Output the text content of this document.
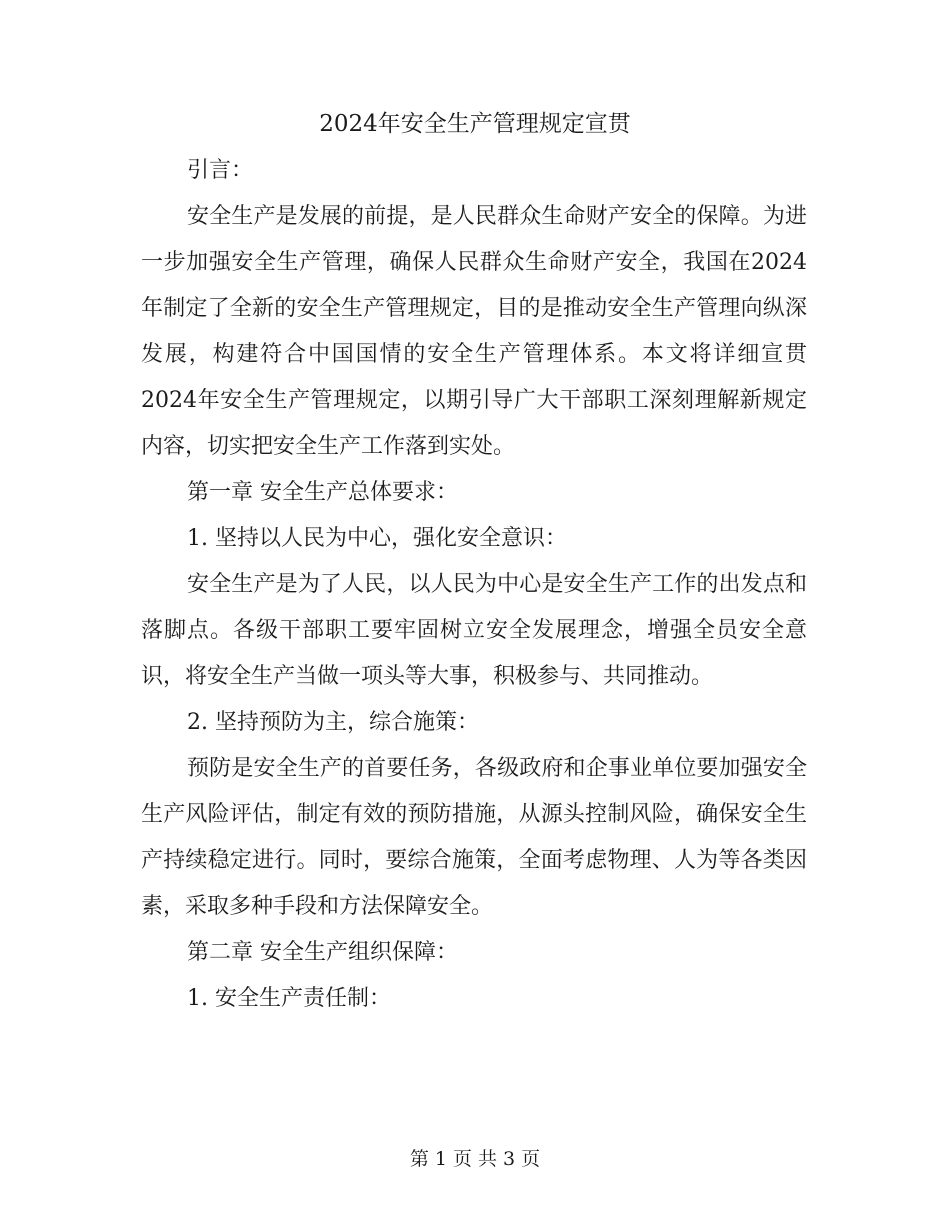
2024年安全生产管理规定宣贯

引言：

安全生产是发展的前提，是人民群众生命财产安全的保障。为进一步加强安全生产管理，确保人民群众生命财产安全，我国在2024年制定了全新的安全生产管理规定，目的是推动安全生产管理向纵深发展，构建符合中国国情的安全生产管理体系。本文将详细宣贯2024年安全生产管理规定，以期引导广大干部职工深刻理解新规定内容，切实把安全生产工作落到实处。

第一章 安全生产总体要求：

1. 坚持以人民为中心，强化安全意识：

安全生产是为了人民，以人民为中心是安全生产工作的出发点和落脚点。各级干部职工要牢固树立安全发展理念，增强全员安全意识，将安全生产当做一项头等大事，积极参与、共同推动。

2. 坚持预防为主，综合施策：

预防是安全生产的首要任务，各级政府和企事业单位要加强安全生产风险评估，制定有效的预防措施，从源头控制风险，确保安全生产持续稳定进行。同时，要综合施策，全面考虑物理、人为等各类因素，采取多种手段和方法保障安全。

第二章 安全生产组织保障：

1. 安全生产责任制：

第 1 页 共 3 页
